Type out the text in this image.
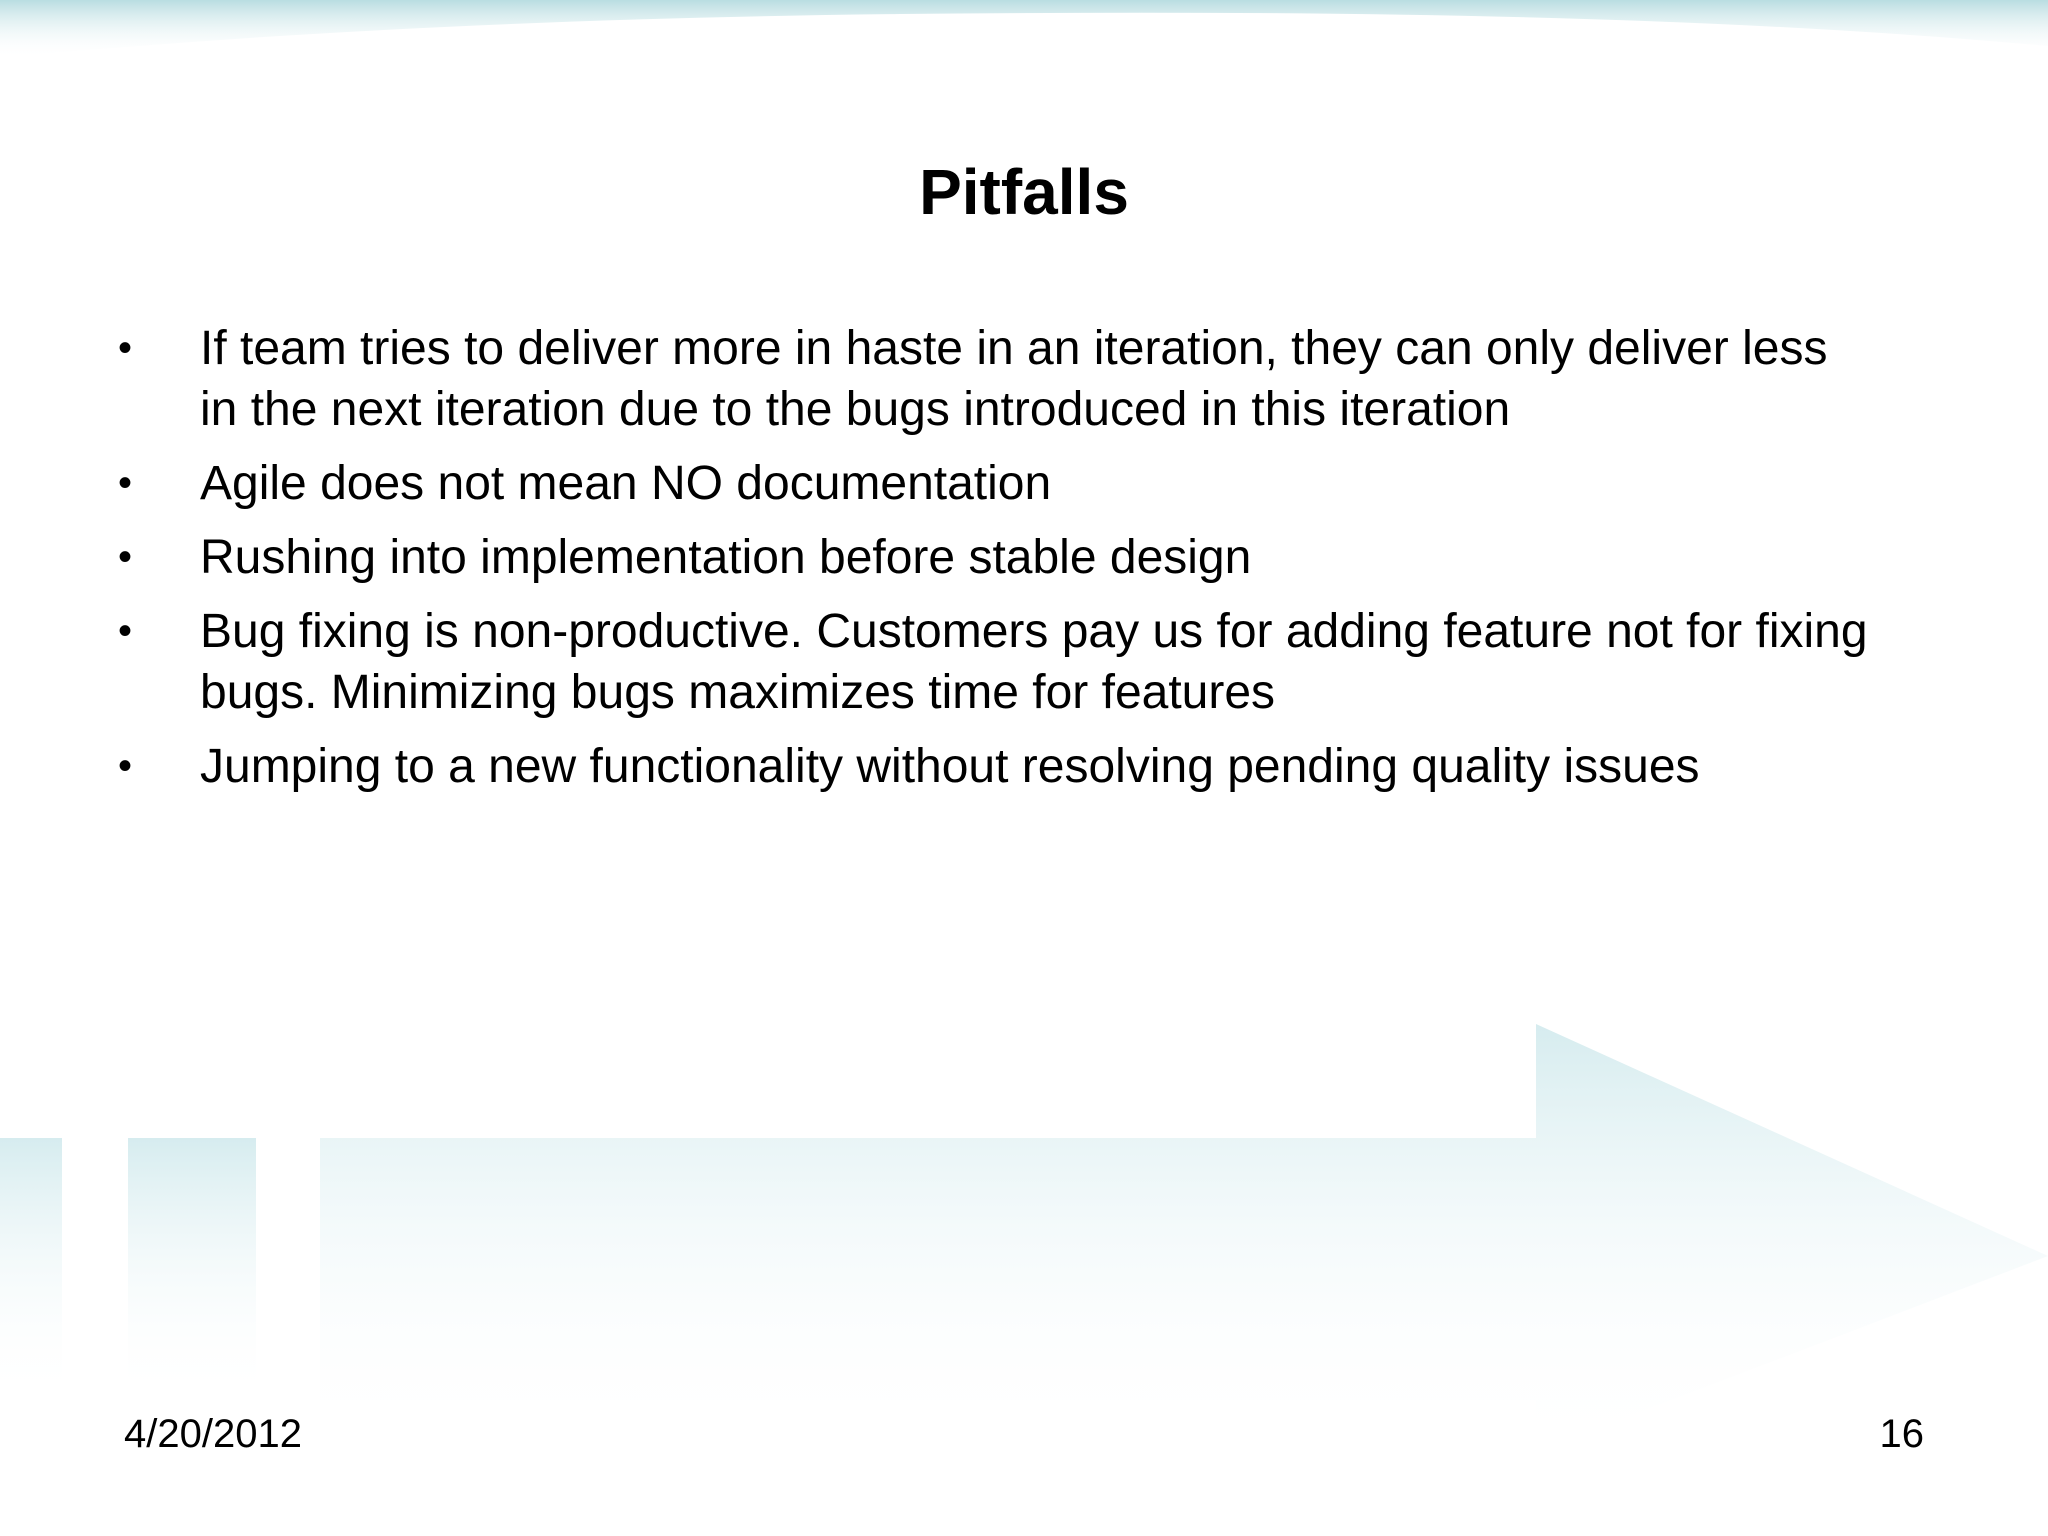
Pitfalls
• If team tries to deliver more in haste in an iteration, they can only deliver less in the next iteration due to the bugs introduced in this iteration
• Agile does not mean NO documentation
• Rushing into implementation before stable design
• Bug fixing is non-productive. Customers pay us for adding feature not for fixing bugs. Minimizing bugs maximizes time for features
• Jumping to a new functionality without resolving pending quality issues
4/20/2012	16
